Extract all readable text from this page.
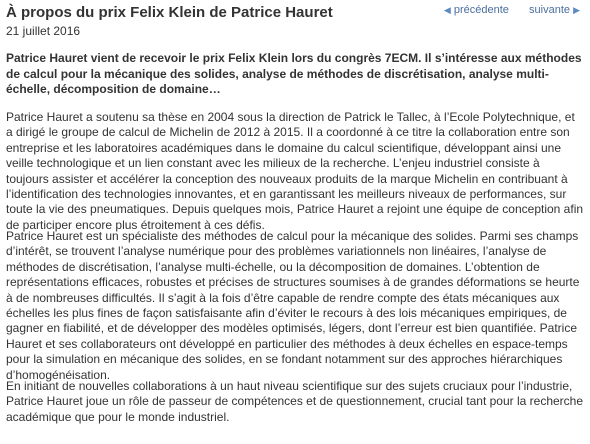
À propos du prix Felix Klein de Patrice Hauret	◀ précédente suivante ▶

21 juillet 2016

Patrice Hauret vient de recevoir le prix Felix Klein lors du congrès 7ECM. Il s’intéresse aux méthodes de calcul pour la mécanique des solides, analyse de méthodes de discrétisation, analyse multi-échelle, décomposition de domaine…

Patrice Hauret a soutenu sa thèse en 2004 sous la direction de Patrick le Tallec, à l’Ecole Polytechnique, et a dirigé le groupe de calcul de Michelin de 2012 à 2015. Il a coordonné à ce titre la collaboration entre son entreprise et les laboratoires académiques dans le domaine du calcul scientifique, développant ainsi une veille technologique et un lien constant avec les milieux de la recherche. L’enjeu industriel consiste à toujours assister et accélérer la conception des nouveaux produits de la marque Michelin en contribuant à l’identification des technologies innovantes, et en garantissant les meilleurs niveaux de performances, sur toute la vie des pneumatiques. Depuis quelques mois, Patrice Hauret a rejoint une équipe de conception afin de participer encore plus étroitement à ces défis.

Patrice Hauret est un spécialiste des méthodes de calcul pour la mécanique des solides. Parmi ses champs d’intérêt, se trouvent l’analyse numérique pour des problèmes variationnels non linéaires, l’analyse de méthodes de discrétisation, l’analyse multi-échelle, ou la décomposition de domaines. L’obtention de représentations efficaces, robustes et précises de structures soumises à de grandes déformations se heurte à de nombreuses difficultés. Il s’agit à la fois d’être capable de rendre compte des états mécaniques aux échelles les plus fines de façon satisfaisante afin d’éviter le recours à des lois mécaniques empiriques, de gagner en fiabilité, et de développer des modèles optimisés, légers, dont l’erreur est bien quantifiée. Patrice Hauret et ses collaborateurs ont développé en particulier des méthodes à deux échelles en espace-temps pour la simulation en mécanique des solides, en se fondant notamment sur des approches hiérarchiques d’homogénéisation.

En initiant de nouvelles collaborations à un haut niveau scientifique sur des sujets cruciaux pour l’industrie, Patrice Hauret joue un rôle de passeur de compétences et de questionnement, crucial tant pour la recherche académique que pour le monde industriel.
